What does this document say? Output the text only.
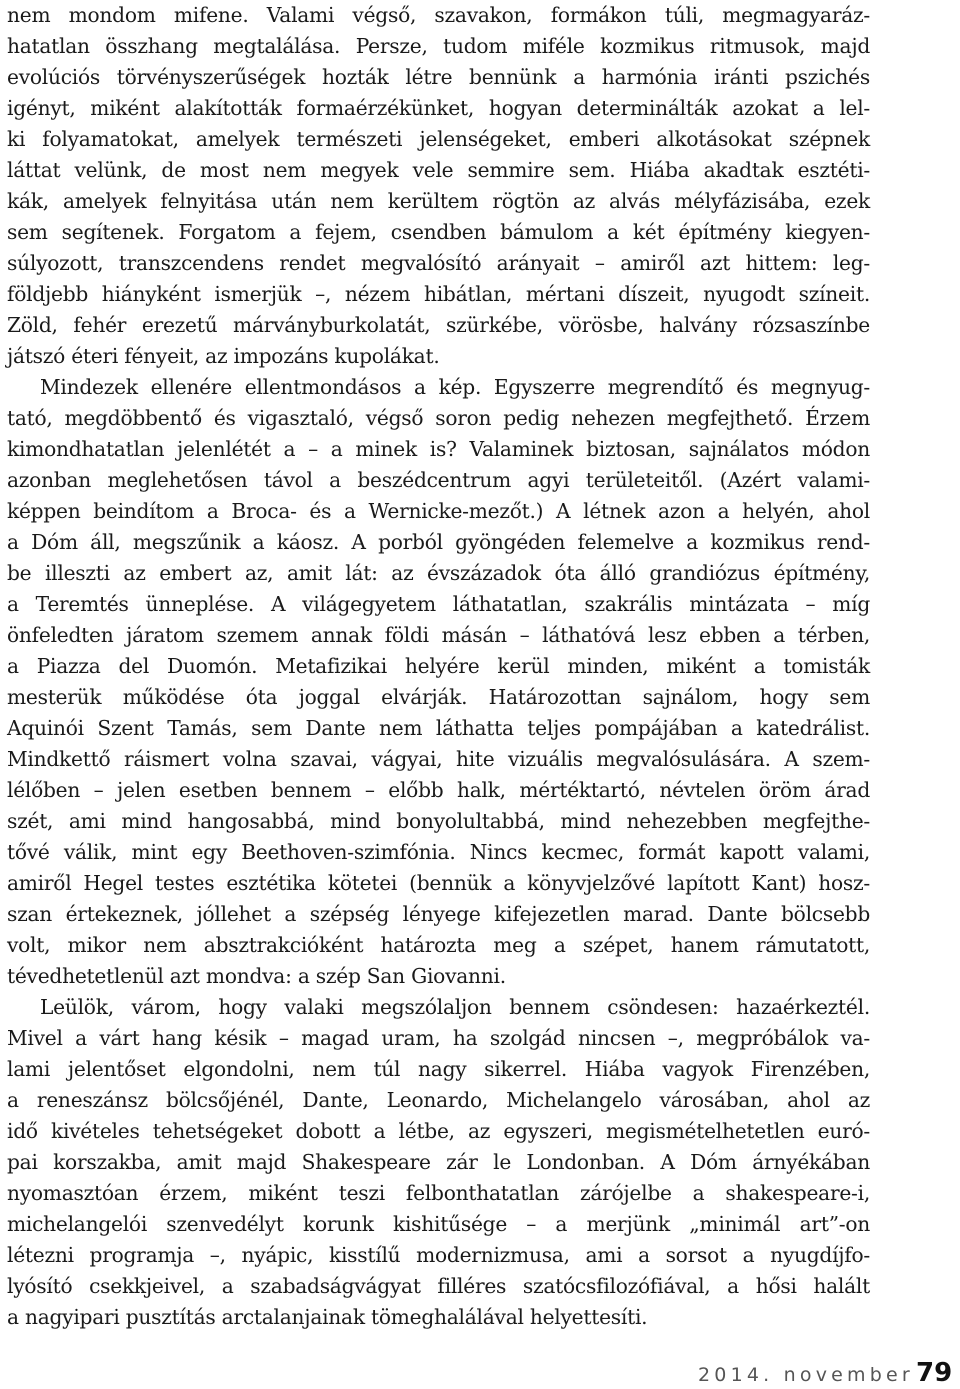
nem mondom mifene. Valami végső, szavakon, formákon túli, megmagyaráz-
hatatlan összhang megtalálása. Persze, tudom miféle kozmikus ritmusok, majd
evolúciós törvényszerűségek hozták létre bennünk a harmónia iránti pszichés
igényt, miként alakították formaérzékünket, hogyan determinálták azokat a lel-
ki folyamatokat, amelyek természeti jelenségeket, emberi alkotásokat szépnek
láttat velünk, de most nem megyek vele semmire sem. Hiába akadtak esztéti-
kák, amelyek felnyitása után nem kerültem rögtön az alvás mélyfázisába, ezek
sem segítenek. Forgatom a fejem, csendben bámulom a két építmény kiegyen-
súlyozott, transzcendens rendet megvalósító arányait – amiről azt hittem: leg-
földjebb hiányként ismerjük –, nézem hibátlan, mértani díszeit, nyugodt színeit.
Zöld, fehér erezetű márványburkolatát, szürkébe, vörösbe, halvány rózsaszínbe
játszó éteri fényeit, az impozáns kupolákat.
Mindezek ellenére ellentmondásos a kép. Egyszerre megrendítő és megnyug-
tató, megdöbbentő és vigasztaló, végső soron pedig nehezen megfejthető. Érzem
kimondhatatlan jelenlétét a – a minek is? Valaminek biztosan, sajnálatos módon
azonban meglehetősen távol a beszédcentrum agyi területeitől. (Azért valami-
képpen beindítom a Broca- és a Wernicke-mezőt.) A létnek azon a helyén, ahol
a Dóm áll, megszűnik a káosz. A porból gyöngéden felemelve a kozmikus rend-
be illeszti az embert az, amit lát: az évszázadok óta álló grandiózus építmény,
a Teremtés ünneplése. A világegyetem láthatatlan, szakrális mintázata – míg
önfeledten járatom szemem annak földi másán – láthatóvá lesz ebben a térben,
a Piazza del Duomón. Metafizikai helyére kerül minden, miként a tomisták
mesterük működése óta joggal elvárják. Határozottan sajnálom, hogy sem
Aquinói Szent Tamás, sem Dante nem láthatta teljes pompájában a katedrálist.
Mindkettő ráismert volna szavai, vágyai, hite vizuális megvalósulására. A szem-
lélőben – jelen esetben bennem – előbb halk, mértéktartó, névtelen öröm árad
szét, ami mind hangosabbá, mind bonyolultabbá, mind nehezebben megfejthe-
tővé válik, mint egy Beethoven-szimfónia. Nincs kecmec, formát kapott valami,
amiről Hegel testes esztétika kötetei (bennük a könyvjelzővé lapított Kant) hosz-
szan értekeznek, jóllehet a szépség lényege kifejezetlen marad. Dante bölcsebb
volt, mikor nem absztrakcióként határozta meg a szépet, hanem rámutatott,
tévedhetetlenül azt mondva: a szép San Giovanni.
Leülök, várom, hogy valaki megszólaljon bennem csöndesen: hazaérkeztél.
Mivel a várt hang késik – magad uram, ha szolgád nincsen –, megpróbálok va-
lami jelentőset elgondolni, nem túl nagy sikerrel. Hiába vagyok Firenzében,
a reneszánsz bölcsőjénél, Dante, Leonardo, Michelangelo városában, ahol az
idő kivételes tehetségeket dobott a létbe, az egyszeri, megismételhetetlen euró-
pai korszakba, amit majd Shakespeare zár le Londonban. A Dóm árnyékában
nyomasztóan érzem, miként teszi felbonthatatlan zárójelbe a shakespeare-i,
michelangelói szenvedélyt korunk kishitűsége – a merjünk „minimál art”-on
létezni programja –, nyápic, kisstílű modernizmusa, ami a sorsot a nyugdíjfo-
lyósító csekkjeivel, a szabadságvágyat filléres szatócsfilozófiával, a hősi halált
a nagyipari pusztítás arctalanjainak tömeghalálával helyettesíti.
2014. november 79
